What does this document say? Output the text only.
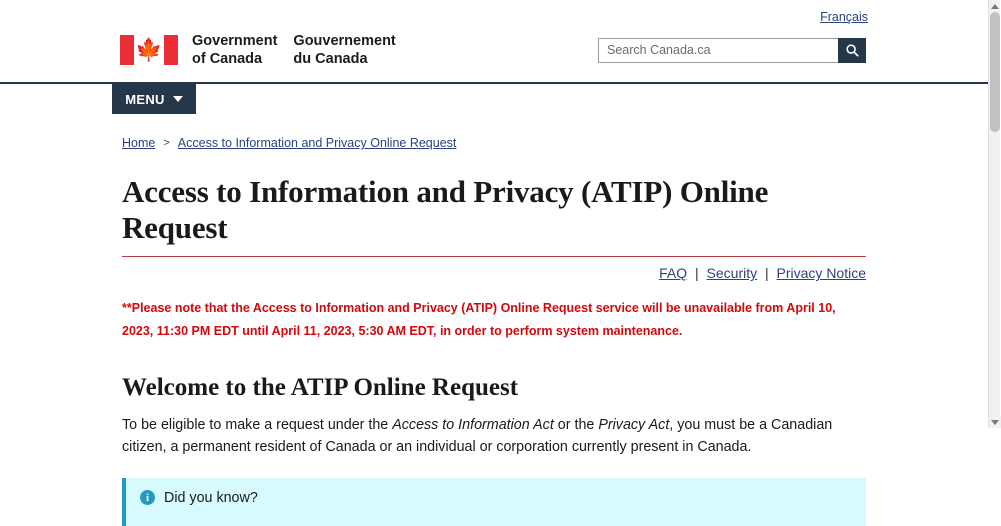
Français
🍁 Government
of Canada
Gouvernement
du Canada
Search Canada.ca
MENU
Home > Access to Information and Privacy Online Request
Access to Information and Privacy (ATIP) Online Request
FAQ | Security | Privacy Notice

**Please note that the Access to Information and Privacy (ATIP) Online Request service will be unavailable from April 10, 2023, 11:30 PM EDT until April 11, 2023, 5:30 AM EDT, in order to perform system maintenance.

Welcome to the ATIP Online Request

To be eligible to make a request under the Access to Information Act or the Privacy Act, you must be a Canadian citizen, a permanent resident of Canada or an individual or corporation currently present in Canada.

i	Did you know?
